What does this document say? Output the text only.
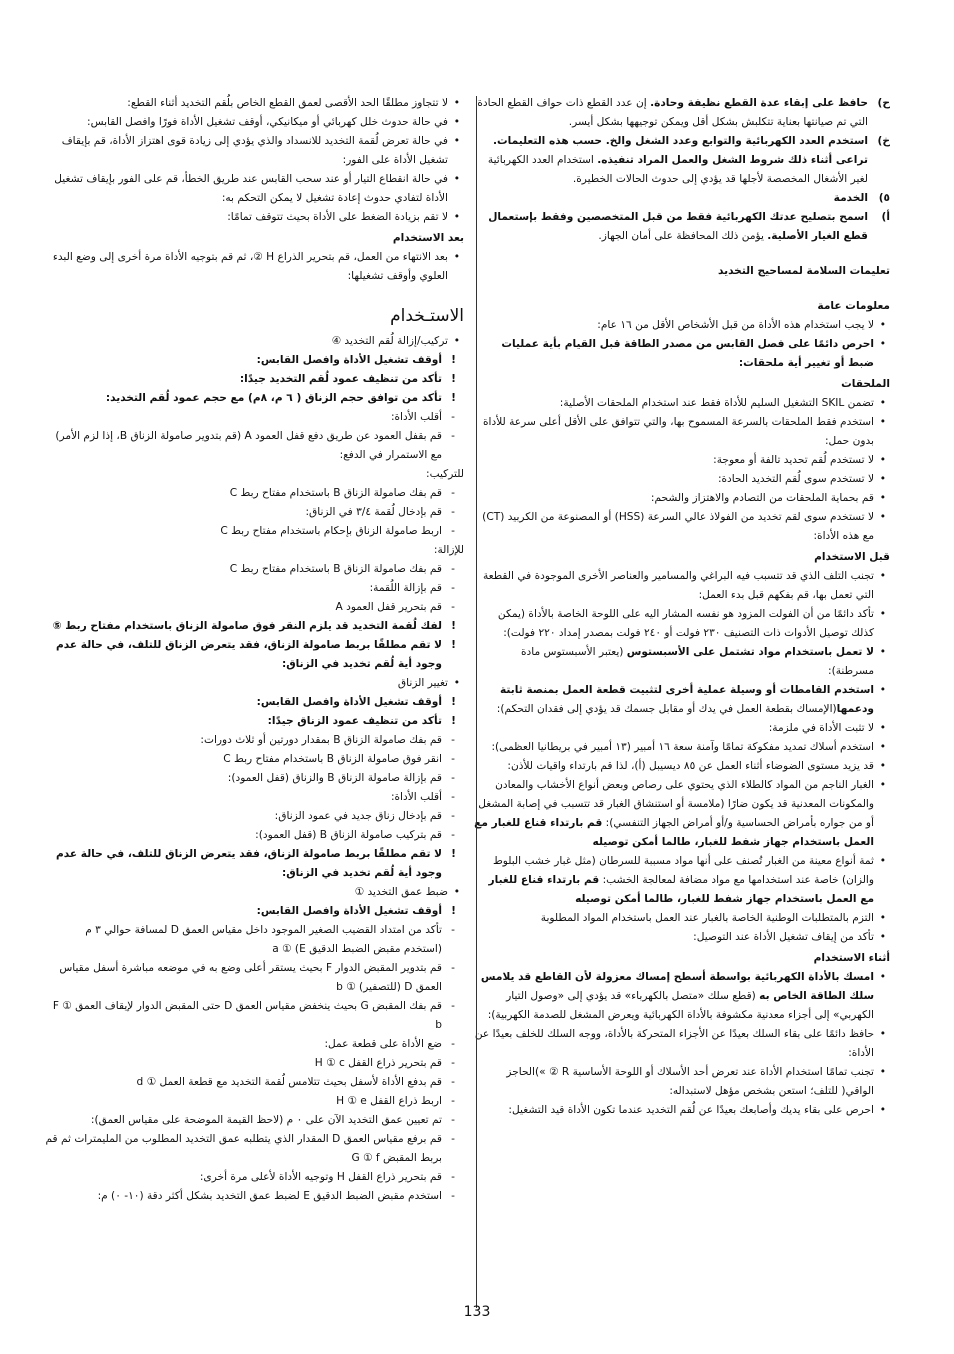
ح)
حافظ على إبقاء عدة القطع نظيفة وحادة. إن عدد القطع ذات حواف القطع الحادة التي تم صيانتها بعناية تتكلبش بشكل أقل ويمكن توجيهها بشكل أيسر.
خ)
استخدم العدد الكهربائية والتوابع وعدد الشغل والخ. حسب هذه التعليمات. تراعى أثناء ذلك شروط الشغل والعمل المراد تنفيذه. استخدام العدد الكهربائية لغير الأشغال المخصصة لأجلها قد يؤدي إلى حدوث الحالات الخطيرة.
٥)
الخدمة
أ)
اسمح بتصليح عدتك الكهربائية فقط من قبل المتخصصين وفقط بإستعمال قطع الغيار الأصلية. يؤمن ذلك المحافظة على أمان الجهاز.
تعليمات السلامة لمساحيج التخديد
معلومات عامة
• لا يجب استخدام هذه الأداة من قبل الأشخاص الأقل من ١٦ عام:
• احرص دائمًا على فصل القابس من مصدر الطاقة قبل القيام بأية عمليات ضبط أو تغيير أية ملحقات:
الملحقات
• تضمن SKIL التشغيل السليم للأداة فقط عند استخدام الملحقات الأصلية:
• استخدم فقط الملحقات بالسرعة المسموح بها، والتي تتوافق على الأقل أعلى سرعة للأداة بدون حمل:
• لا تستخدم لُقم تحديد تالفة أو معوجة:
• لا تستخدم سوى لُقم التخديد الحادة:
• قم بحماية الملحقات من التصادم والاهتزاز والشحم:
• لا تستخدم سوى لقم تخديد من الفولاذ عالي السرعة (HSS) أو المصنوعة من الكربيد (CT) مع هذه الأداة:
قبل الاستخدام
• تجنب التلف الذي قد تتسبب فيه البراغي والمسامير والعناصر الأخرى الموجودة في القطعة التي تعمل بها، قم بفكهم قبل بدء العمل:
• تأكد دائمًا من أن الفولت المزود هو نفسه المشار اليه على اللوحة الخاصة بالأداة (يمكن كذلك توصيل الأدوات ذات التصنيف ٢٣٠ فولت أو ٢٤٠ فولت بمصدر إمداد ٢٢٠ فولت):
• لا تعمل باستخدام مواد تشتمل على الأسبستوس (يعتبر الأسبستوس مادة مسرطنة):
• استخدم القامطات أو وسيلة عملية أخرى لتثبيت قطعة العمل بمنصة ثابتة ودعمها(الإمساك بقطعة العمل في يدك أو مقابل جسمك قد يؤدي إلى فقدان التحكم):
• لا تثبت الأداة في ملزمة:
• استخدم أسلاك تمديد مفكوكة تمامًا وآمنة سعة ١٦ أمبير (١٣ أمبير في بريطانيا العظمى):
• قد يزيد مستوى الضوضاء أثناء العمل عن ٨٥ ديسيبل (أ)، لذا قم بارتداء واقيات للأذن:
• الغبار الناجم من المواد كالطلاء الذي يحتوي على رصاص وبعض أنواع الأخشاب والمعادن والمكونات المعدنية قد يكون ضارًا (ملامسة أو استنشاق الغبار قد تتسبب في إصابة المشغل أو من جواره بأمراض الحساسية و/أو أمراض الجهاز التنفسي): قم بارتداء قناع للغبار مع العمل باستخدام جهاز شفط للغبار، طالما أمكن توصيله
• ثمة أنواع معينة من الغبار تُصنف على أنها مواد مسببة للسرطان (مثل غبار خشب البلوط والزان) خاصة عند استخدامها مع مواد مضافة لمعالجة الخشب: قم بارتداء قناع للغبار مع العمل باستخدام جهاز شفط للغبار، طالما أمكن توصيله
• التزم بالمتطلبات الوطنية الخاصة بالغبار عند العمل باستخدام المواد المطلوبة
• تأكد من إيقاف تشغيل الأداة عند التوصيل:
أثناء الاستخدام
• امسك بالأداة الكهربائية بواسطة أسطح إمساك معزولة لأن القاطع قد يلامس سلك الطاقة الخاص به (قطع سلك «متصل بالكهرباء» قد يؤدي إلى «وصول التيار الكهربي» إلى أجزاء معدنية مكشوفة بالأداة الكهربائية ويعرض المشغل للصدمة الكهربية):
• حافظ دائمًا على بقاء السلك بعيدًا عن الأجزاء المتحركة بالأداة، ووجه السلك للخلف بعيدًا عن الأداة:
• تجنب تمامًا استخدام الأداة عند تعرض أحد الأسلاك أو اللوحة الأساسية R ② »)الحاجز الواقي( للتلف؛ استعن بشخص مؤهل لاستبداله:
• احرص على بقاء يديك وأصابعك بعيدًا عن لُقم التخديد عندما تكون الأداة قيد التشغيل:
• لا تتجاوز مطلقًا الحد الأقصى لعمق القطع الخاص بلُقم التخديد أثناء القطع:
• في حالة حدوث خلل كهربائي أو ميكانيكي، أوقف تشغيل الأداة فورًا وافصل القابس:
• في حالة تعرض لُقمة التخديد للانسداد والذي يؤدي إلى زيادة قوى اهتزاز الأداة، قم بإيقاف تشغيل الأداة على الفور:
• في حالة انقطاع التيار أو عند سحب القابس عند طريق الخطأ، قم على الفور بإيقاف تشغيل الأداة لتفادي حدوث إعادة تشغيل لا يمكن التحكم به:
• لا تقم بزيادة الضغط على الأداة بحيث تتوقف تمامًا:
بعد الاستخدام
• بعد الانتهاء من العمل، قم بتحرير الذراع H ②، ثم قم بتوجيه الأداة مرة أخرى إلى وضع البدء العلوي وأوقف تشغيلها:
الاستـخدام
• تركيب/إزالة لُقم التخديد ④
! أوقف تشغيل الأداة وافصل القابس:
! تأكد من تنظيف عمود لُقم التخديد جيدًا:
! تأكد من توافق حجم الزناق ( ٦ م، ٨م) مع حجم عمود لُقم التخديد:
- أقلب الأداة:
- قم بقفل العمود عن طريق دفع قفل العمود A (قم بتدوير صامولة الزناق B، إذا لزم الأمر) مع الاستمرار في الدفع:
للتركيب:
- قم بفك صامولة الزناق B باستخدام مفتاح ربط C
- قم بإدخال لُقمة ٣/٤ في الزناق:
- اربط صامولة الزناق بإحكام باستخدام مفتاح ربط C
للإزالة:
- قم بفك صامولة الزناق B باستخدام مفتاح ربط C
- قم بإزالة اللُقمة:
- قم بتحرير قفل العمود A
! لفك لُقمة التخديد قد يلزم النقر فوق صامولة الزناق باستخدام مفتاح ربط ⑤
! لا تقم مطلقًا بربط صامولة الزناق، فقد يتعرض الزناق للتلف، في حالة عدم وجود أية لُقم تخديد في الزناق:
• تغيير الزناق
! أوقف تشغيل الأداة وافصل القابس:
! تأكد من تنظيف عمود الزناق جيدًا:
- قم بفك صامولة الزناق B بمقدار دورتين أو ثلاث دورات:
- انقر فوق صامولة الزناق B باستخدام مفتاح ربط C
- قم بإزالة صامولة الزناق B والزناق (قفل العمود):
- أقلب الأداة:
- قم بإدخال زناق جديد في عمود الزناق:
- قم بتركيب صامولة الزناق B (قفل العمود):
! لا تقم مطلقًا بربط صامولة الزناق، فقد يتعرض الزناق للتلف، في حالة عدم وجود أية لُقم تخديد في الزناق:
• ضبط عمق التخديد ①
! أوقف تشغيل الأداة وافصل القابس:
- تأكد من امتداد القضيب الصغير الموجود داخل مقياس العمق D لمسافة حوالي ٣ م (استخدم مقبض الضبط الدقيق E) ① a
- قم بتدوير المقبض الدوار F بحيث يستقر أعلى وضع به في موضعه مباشرة أسفل مقياس العمق D (للتصفير) ① b
- قم بفك المقبض G بحيث ينخفض مقياس العمق D حتى المقبض الدوار لإيقاف العمق F ① b
- ضع الأداة على قطعة عمل:
- قم بتحرير ذراع القفل H ① c
- قم بدفع الأداة لأسفل بحيث تتلامس لُقمة التخديد مع قطعة العمل ① d
- اربط ذراع القفل H ① e
- تم تعيين عمق التخديد الآن على ٠ م (لاحظ القيمة الموضحة على مقياس العمق):
- قم برفع مقياس العمق D المقدار الذي يتطلبه عمق التخديد المطلوب من المليمترات ثم قم بربط المقبض G ① f
- قم بتحرير ذراع القفل H وتوجيه الأداة لأعلى مرة أخرى:
- استخدم مقبض الضبط الدقيق E لضبط عمق التخديد بشكل أكثر دقة (١٠- ٠) م:
133
